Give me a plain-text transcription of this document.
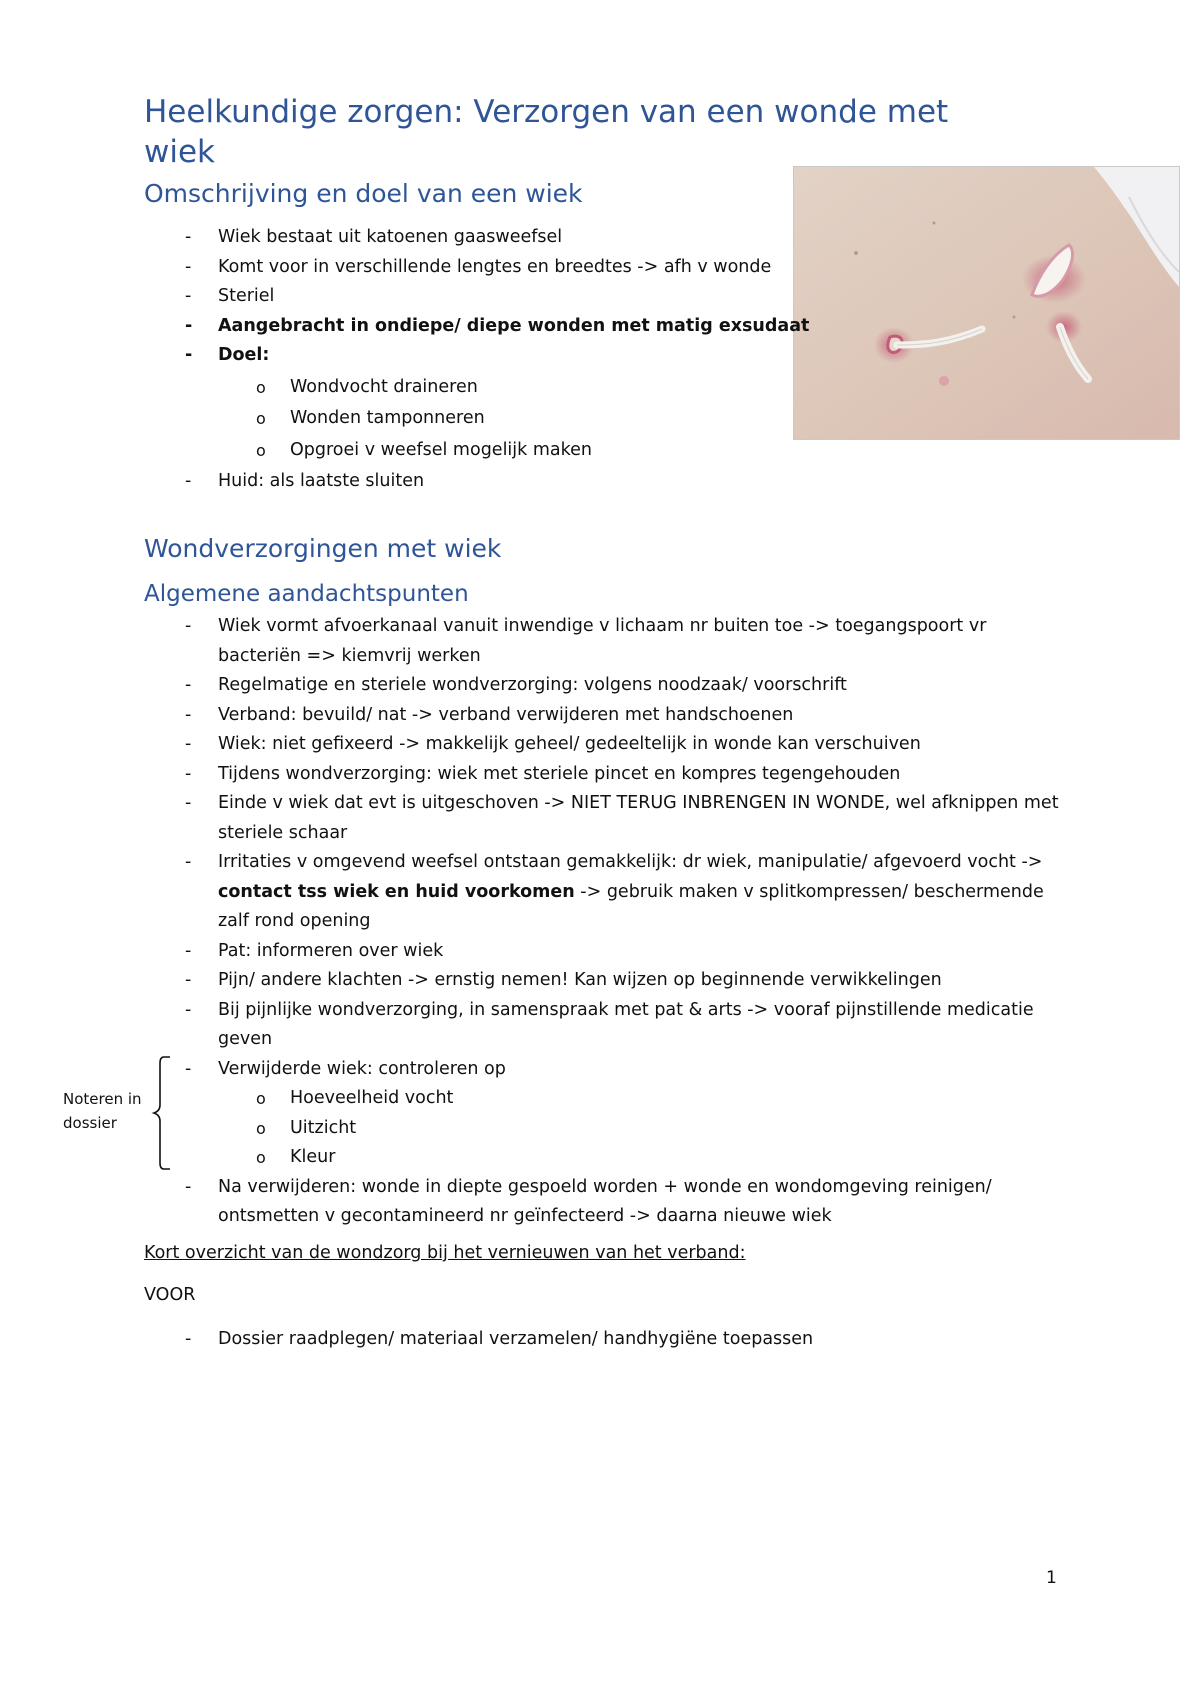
Heelkundige zorgen: Verzorgen van een wonde met wiek
Omschrijving en doel van een wiek
- Wiek bestaat uit katoenen gaasweefsel
- Komt voor in verschillende lengtes en breedtes -> afh v wonde
- Steriel
- Aangebracht in ondiepe/ diepe wonden met matig exsudaat
- Doel:
o Wondvocht draineren
o Wonden tamponneren
o Opgroei v weefsel mogelijk maken
- Huid: als laatste sluiten
Wondverzorgingen met wiek
Algemene aandachtspunten
- Wiek vormt afvoerkanaal vanuit inwendige v lichaam nr buiten toe -> toegangspoort vr bacteriën => kiemvrij werken
- Regelmatige en steriele wondverzorging: volgens noodzaak/ voorschrift
- Verband: bevuild/ nat -> verband verwijderen met handschoenen
- Wiek: niet gefixeerd -> makkelijk geheel/ gedeeltelijk in wonde kan verschuiven
- Tijdens wondverzorging: wiek met steriele pincet en kompres tegengehouden
- Einde v wiek dat evt is uitgeschoven -> NIET TERUG INBRENGEN IN WONDE, wel afknippen met steriele schaar
- Irritaties v omgevend weefsel ontstaan gemakkelijk: dr wiek, manipulatie/ afgevoerd vocht -> contact tss wiek en huid voorkomen -> gebruik maken v splitkompressen/ beschermende zalf rond opening
- Pat: informeren over wiek
- Pijn/ andere klachten -> ernstig nemen! Kan wijzen op beginnende verwikkelingen
- Bij pijnlijke wondverzorging, in samenspraak met pat & arts -> vooraf pijnstillende medicatie geven
- Verwijderde wiek: controleren op
o Hoeveelheid vocht
o Uitzicht
o Kleur
- Na verwijderen: wonde in diepte gespoeld worden + wonde en wondomgeving reinigen/ ontsmetten v gecontamineerd nr geïnfecteerd -> daarna nieuwe wiek
Noteren in dossier
Kort overzicht van de wondzorg bij het vernieuwen van het verband:
VOOR
- Dossier raadplegen/ materiaal verzamelen/ handhygiëne toepassen
1
